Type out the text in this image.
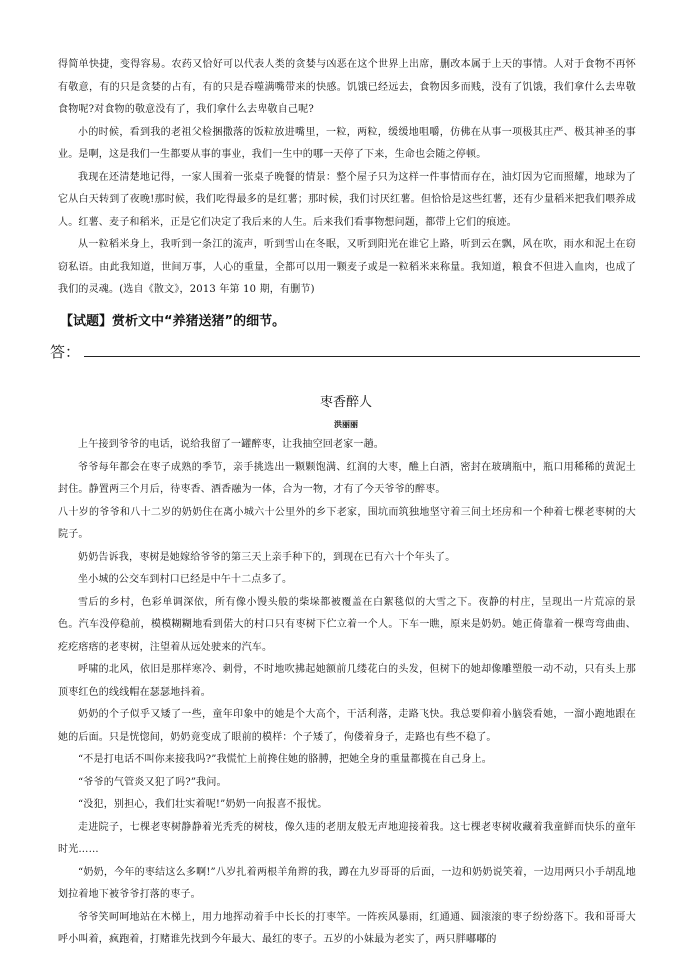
得简单快捷，变得容易。农药又恰好可以代表人类的贪婪与凶恶在这个世界上出席，删改本属于上天的事情。人对于食物不再怀有敬意，有的只是贪婪的占有，有的只是吞噬满嘴带来的快感。饥饿已经远去，食物因多而贱，没有了饥饿，我们拿什么去卑敬食物呢?对食物的敬意没有了，我们拿什么去卑敬自己呢?

小的时候，看到我的老祖父检捆撒落的饭粒放进嘴里，一粒，两粒，缓缓地咀嚼，仿佛在从事一项极其庄严、极其神圣的事业。是啊，这是我们一生都要从事的事业，我们一生中的哪一天停了下来，生命也会随之停顿。

我现在还清楚地记得，一家人围着一张桌子晚餐的情景：整个屋子只为这样一件事情而存在，油灯因为它而照耀，地球为了它从白天转到了夜晚!那时候，我们吃得最多的是红薯；那时候，我们讨厌红薯。但恰恰是这些红薯，还有少量稻米把我们喂养成人。红薯、麦子和稻米，正是它们决定了我后来的人生。后来我们看事物想问题，都带上它们的痕迹。

从一粒稻米身上，我听到一条江的流声，听到雪山在冬眠，又听到阳光在谁它上路，听到云在飘，风在吹，雨水和泥土在窃窃私语。由此我知道，世间万事，人心的重量，全都可以用一颗麦子或是一粒稻米来称量。我知道，粮食不但进入血肉，也成了我们的灵魂。(选自《散文》，2013 年第 10 期，有删节)

【试题】赏析文中“养猪送猪”的细节。
答：
枣香醉人
洪丽丽

上午接到爷爷的电话，说给我留了一罐醉枣，让我抽空回老家一趟。

爷爷每年都会在枣子成熟的季节，亲手挑选出一颗颗饱满、红润的大枣，醮上白酒，密封在玻璃瓶中，瓶口用稀稀的黄泥土封住。静置两三个月后，待枣香、酒香融为一体，合为一物，才有了今天爷爷的醉枣。

八十岁的爷爷和八十二岁的奶奶住在离小城六十公里外的乡下老家，围坑而筑独地坚守着三间土坯房和一个种着七棵老枣树的大院子。

奶奶告诉我，枣树是她嫁给爷爷的第三天上亲手种下的，到现在已有六十个年头了。

坐小城的公交车到村口已经是中午十二点多了。

雪后的乡村，色彩单调深依，所有像小馒头般的柴垛都被覆盖在白絮毯似的大雪之下。夜静的村庄，呈现出一片荒凉的景色。汽车没停稳前，模模糊糊地看到偌大的村口只有枣树下伫立着一个人。下车一瞧，原来是奶奶。她正倚靠着一棵弯弯曲曲、疙疙瘩瘩的老枣树，注望着从远处驶来的汽车。

呼啸的北风，依旧是那样寒冷、刺骨，不时地吹拂起她额前几缕花白的头发，但树下的她却像雕塑般一动不动，只有头上那顶枣红色的线线帽在瑟瑟地抖着。

奶奶的个子似乎又矮了一些，童年印象中的她是个大高个，干活利落，走路飞快。我总要仰着小脑袋看她，一溜小跑地跟在她的后面。只是恍惚间，奶奶竟变成了眼前的模样：个子矮了，佝偻着身子，走路也有些不稳了。

“不是打电话不叫你来接我吗?”我慌忙上前搀住她的胳膊，把她全身的重量都揽在自己身上。

“爷爷的气管炎又犯了吗?”我问。

“没犯，别担心，我们壮实着呢!”奶奶一向报喜不报忧。

走进院子，七棵老枣树静静着光秃秃的树枝，像久违的老朋友般无声地迎接着我。这七棵老枣树收藏着我童鲜而快乐的童年时光……

“奶奶，今年的枣结这么多啊!”八岁扎着两根羊角辫的我，蹲在九岁哥哥的后面，一边和奶奶说笑着，一边用两只小手胡乱地划拉着地下被爷爷打落的枣子。

爷爷笑呵呵地站在木梯上，用力地挥动着手中长长的打枣竿。一阵疾风暴雨，红通通、圆滚滚的枣子纷纷落下。我和哥哥大呼小叫着，疯跑着，打赌谁先找到今年最大、最红的枣子。五岁的小妹最为老实了，两只胖嘟嘟的
